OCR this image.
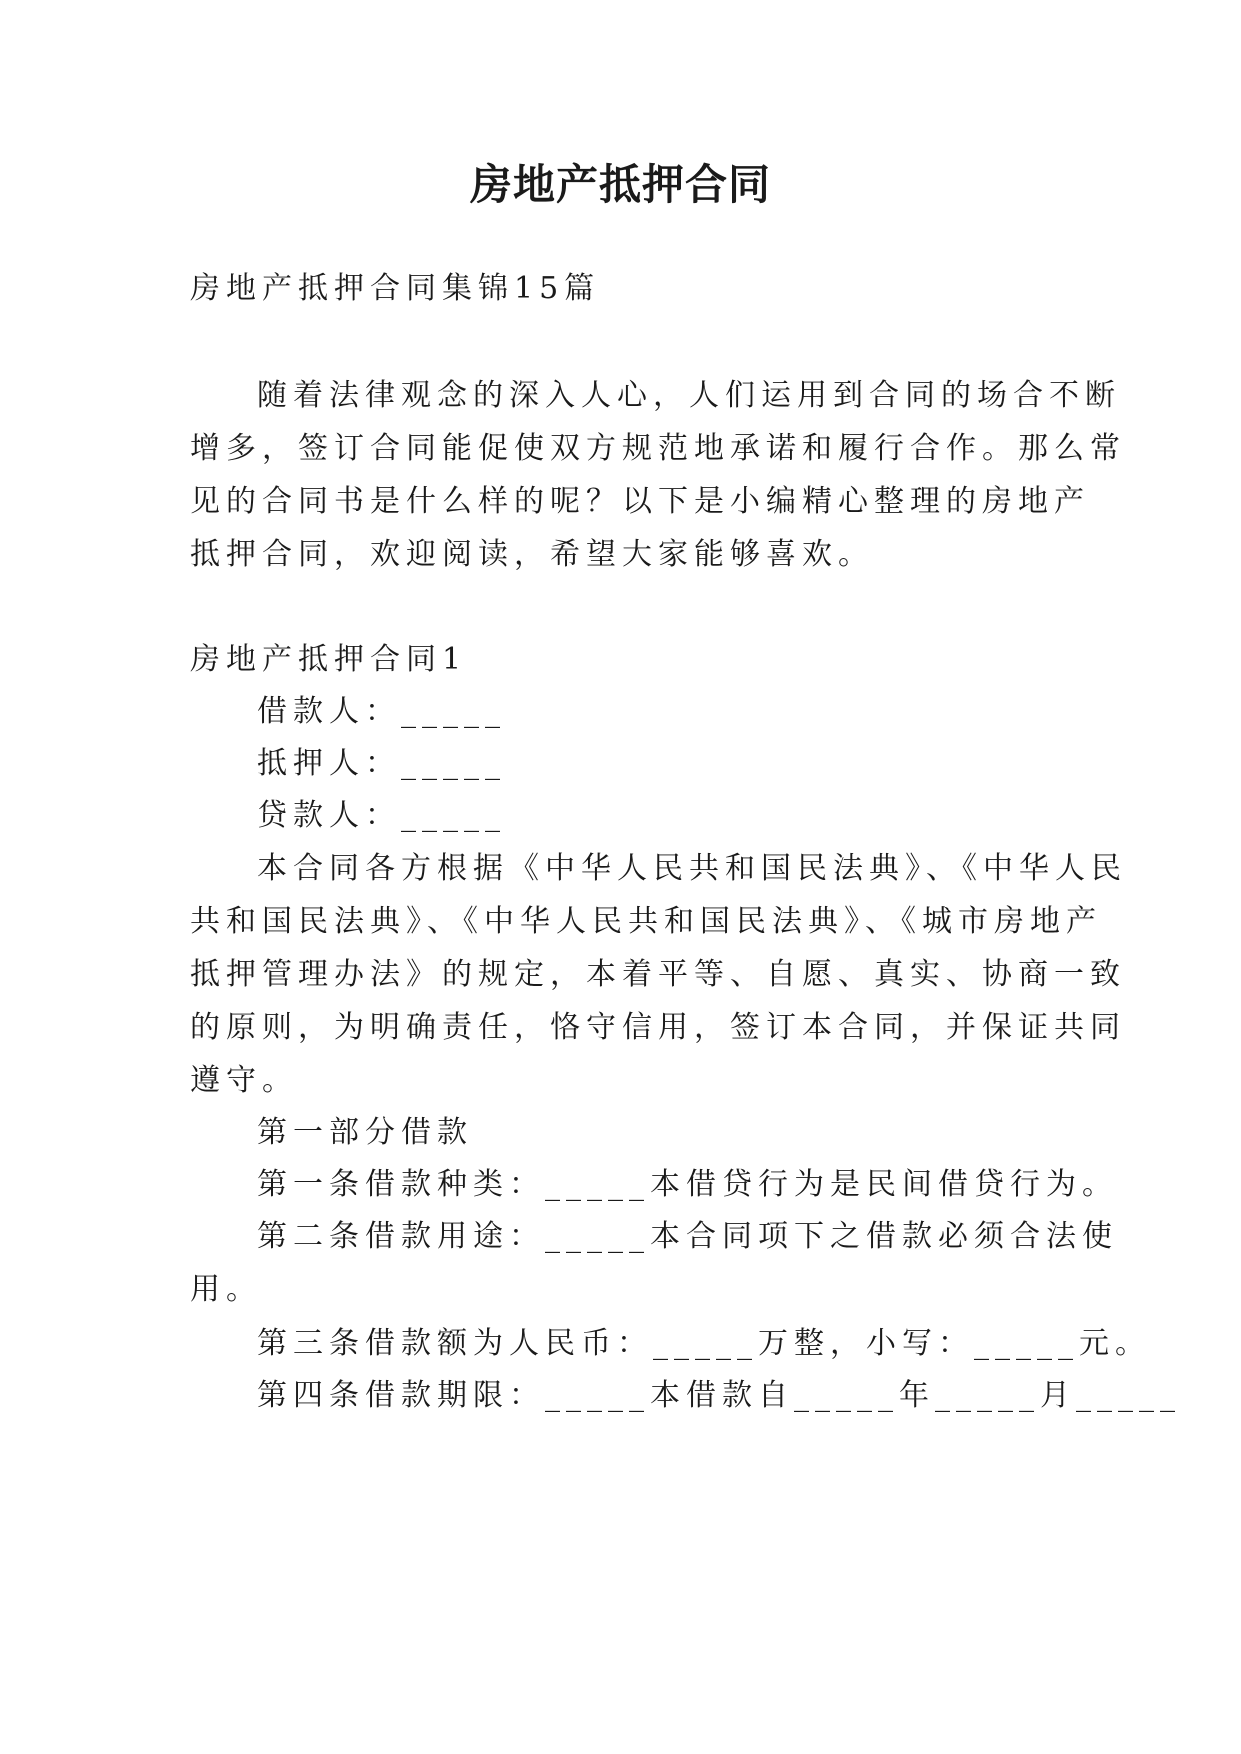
房地产抵押合同
房地产抵押合同集锦15篇
随着法律观念的深入人心，人们运用到合同的场合不断
增多，签订合同能促使双方规范地承诺和履行合作。那么常
见的合同书是什么样的呢？以下是小编精心整理的房地产
抵押合同，欢迎阅读，希望大家能够喜欢。
房地产抵押合同1
借款人：_____
抵押人：_____
贷款人：_____
本合同各方根据《中华人民共和国民法典》、《中华人民
共和国民法典》、《中华人民共和国民法典》、《城市房地产
抵押管理办法》的规定，本着平等、自愿、真实、协商一致
的原则，为明确责任，恪守信用，签订本合同，并保证共同
遵守。
第一部分借款
第一条借款种类：_____本借贷行为是民间借贷行为。
第二条借款用途：_____本合同项下之借款必须合法使
用。
第三条借款额为人民币：_____万整，小写：_____元。
第四条借款期限：_____本借款自_____年_____月_____
